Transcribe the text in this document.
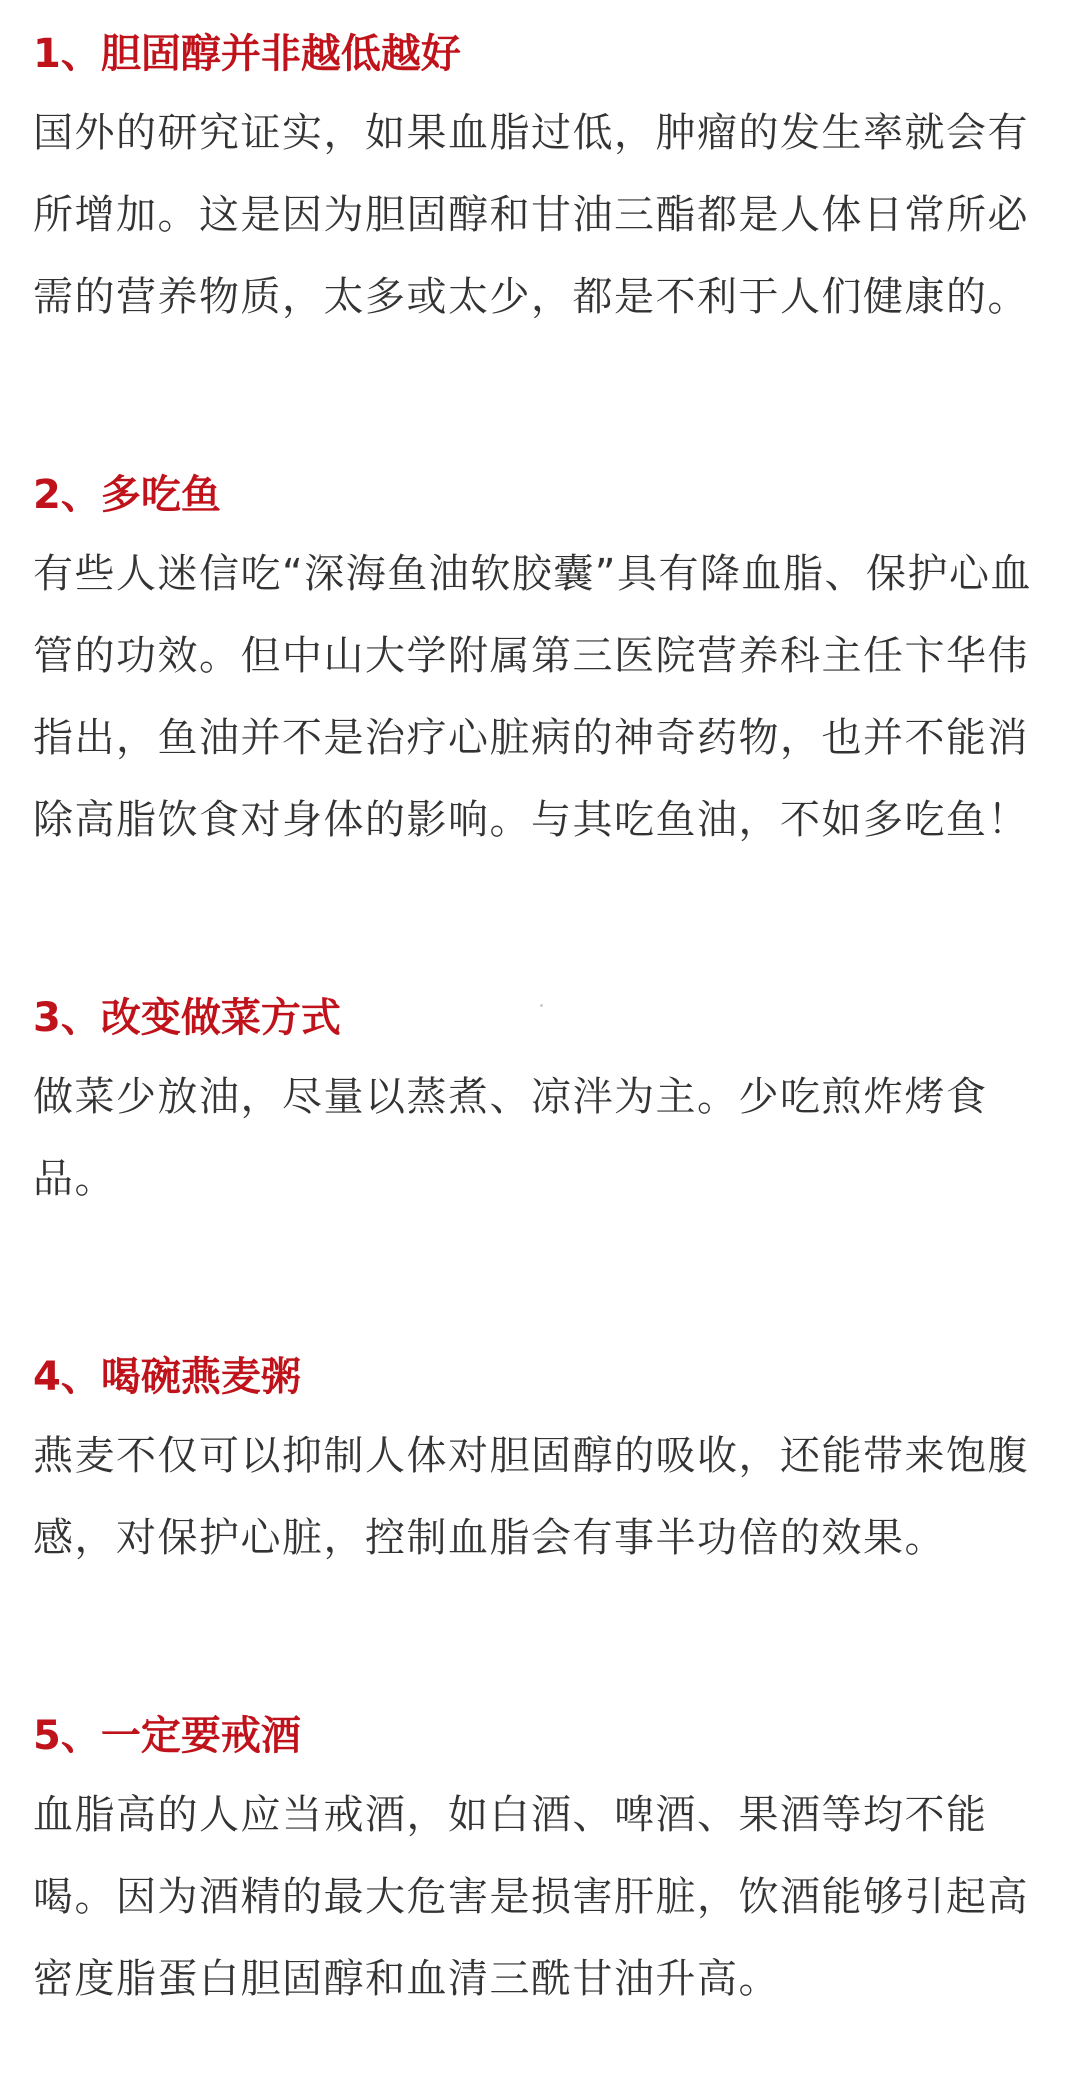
1、胆固醇并非越低越好

国外的研究证实，如果血脂过低，肿瘤的发生率就会有所增加。这是因为胆固醇和甘油三酯都是人体日常所必需的营养物质，太多或太少，都是不利于人们健康的。

2、多吃鱼

有些人迷信吃“深海鱼油软胶囊”具有降血脂、保护心血管的功效。但中山大学附属第三医院营养科主任卞华伟指出，鱼油并不是治疗心脏病的神奇药物，也并不能消除高脂饮食对身体的影响。与其吃鱼油，不如多吃鱼！

3、改变做菜方式

做菜少放油，尽量以蒸煮、凉泮为主。少吃煎炸烤食品。

4、喝碗燕麦粥

燕麦不仅可以抑制人体对胆固醇的吸收，还能带来饱腹感，对保护心脏，控制血脂会有事半功倍的效果。

5、一定要戒酒

血脂高的人应当戒酒，如白酒、啤酒、果酒等均不能喝。因为酒精的最大危害是损害肝脏，饮酒能够引起高密度脂蛋白胆固醇和血清三酰甘油升高。
